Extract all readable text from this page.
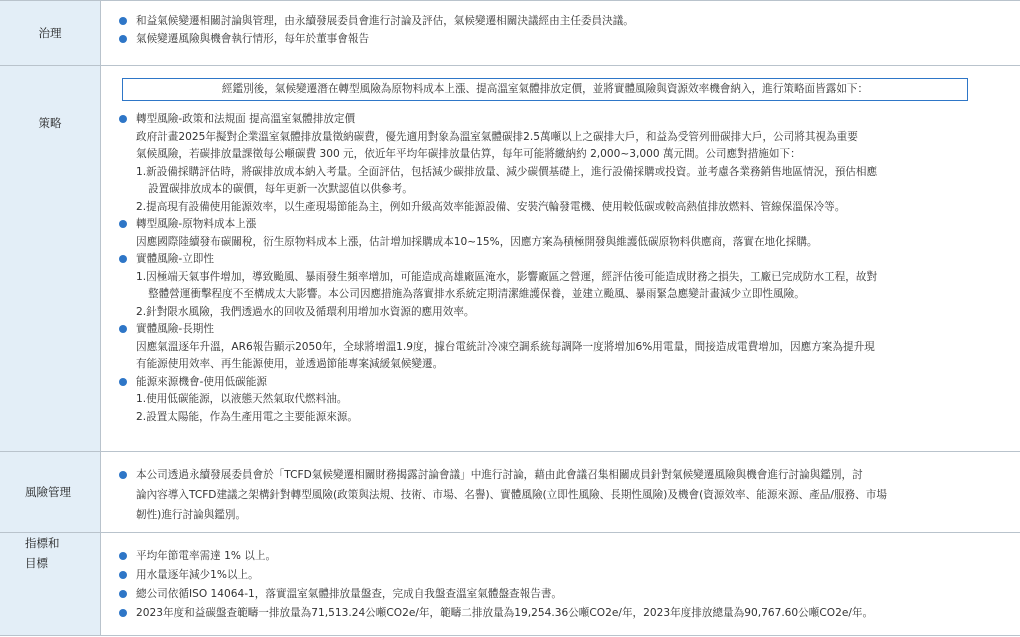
治理
和益氣候變遷相關討論與管理，由永續發展委員會進行討論及評估，氣候變遷相關決議經由主任委員決議。
氣候變遷風險與機會執行情形，每年於董事會報告
策略
經鑑別後，氣候變遷潛在轉型風險為原物料成本上漲、提高溫室氣體排放定價，並將實體風險與資源效率機會納入，進行策略面皆露如下：
轉型風險-政策和法規面 提高溫室氣體排放定價
政府計畫2025年擬對企業溫室氣體排放量徵納碳費，優先適用對象為溫室氣體碳排2.5萬噸以上之碳排大戶，和益為受管列冊碳排大戶，公司將其視為重要
氣候風險，若碳排放量課徵每公噸碳費 300 元，依近年平均年碳排放量估算，每年可能將繳納約 2,000~3,000 萬元間。公司應對措施如下：
1.新設備採購評估時，將碳排放成本納入考量。全面評估，包括減少碳排放量、減少碳價基礎上，進行設備採購或投資。並考慮各業務銷售地區情況，預估相應
設置碳排放成本的碳價，每年更新一次默認值以供參考。
2.提高現有設備使用能源效率，以生產現場節能為主，例如升級高效率能源設備、安裝汽輪發電機、使用較低碳或較高熱值排放燃料、管線保溫保冷等。
轉型風險-原物料成本上漲
因應國際陸續發布碳關稅，衍生原物料成本上漲，估計增加採購成本10~15%，因應方案為積極開發與維護低碳原物料供應商，落實在地化採購。
實體風險-立即性
1.因極端天氣事件增加，導致颱風、暴雨發生頻率增加，可能造成高雄廠區淹水，影響廠區之營運，經評估後可能造成財務之損失，工廠已完成防水工程，故對
整體營運衝擊程度不至構成太大影響。本公司因應措施為落實排水系統定期清潔維護保養，並建立颱風、暴雨緊急應變計畫減少立即性風險。
2.針對限水風險，我們透過水的回收及循環利用增加水資源的應用效率。
實體風險-長期性
因應氣溫逐年升溫，AR6報告顯示2050年，全球將增溫1.9度，據台電統計冷凍空調系統每調降一度將增加6%用電量，間接造成電費增加，因應方案為提升現
有能源使用效率、再生能源使用，並透過節能專案減緩氣候變遷。
能源來源機會-使用低碳能源
1.使用低碳能源，以液態天然氣取代燃料油。
2.設置太陽能，作為生產用電之主要能源來源。
風險管理
本公司透過永續發展委員會於「TCFD氣候變遷相關財務揭露討論會議」中進行討論，藉由此會議召集相關成員針對氣候變遷風險與機會進行討論與鑑別，討
論內容導入TCFD建議之架構針對轉型風險(政策與法規、技術、市場、名譽)、實體風險(立即性風險、長期性風險)及機會(資源效率、能源來源、產品/服務、市場
韌性)進行討論與鑑別。
指標和
目標	平均年節電率需達 1% 以上。
用水量逐年減少1%以上。
總公司依循ISO 14064-1，落實溫室氣體排放量盤查，完成自我盤查溫室氣體盤查報告書。
2023年度和益碳盤查範疇一排放量為71,513.24公噸CO2e/年，範疇二排放量為19,254.36公噸CO2e/年，2023年度排放總量為90,767.60公噸CO2e/年。
